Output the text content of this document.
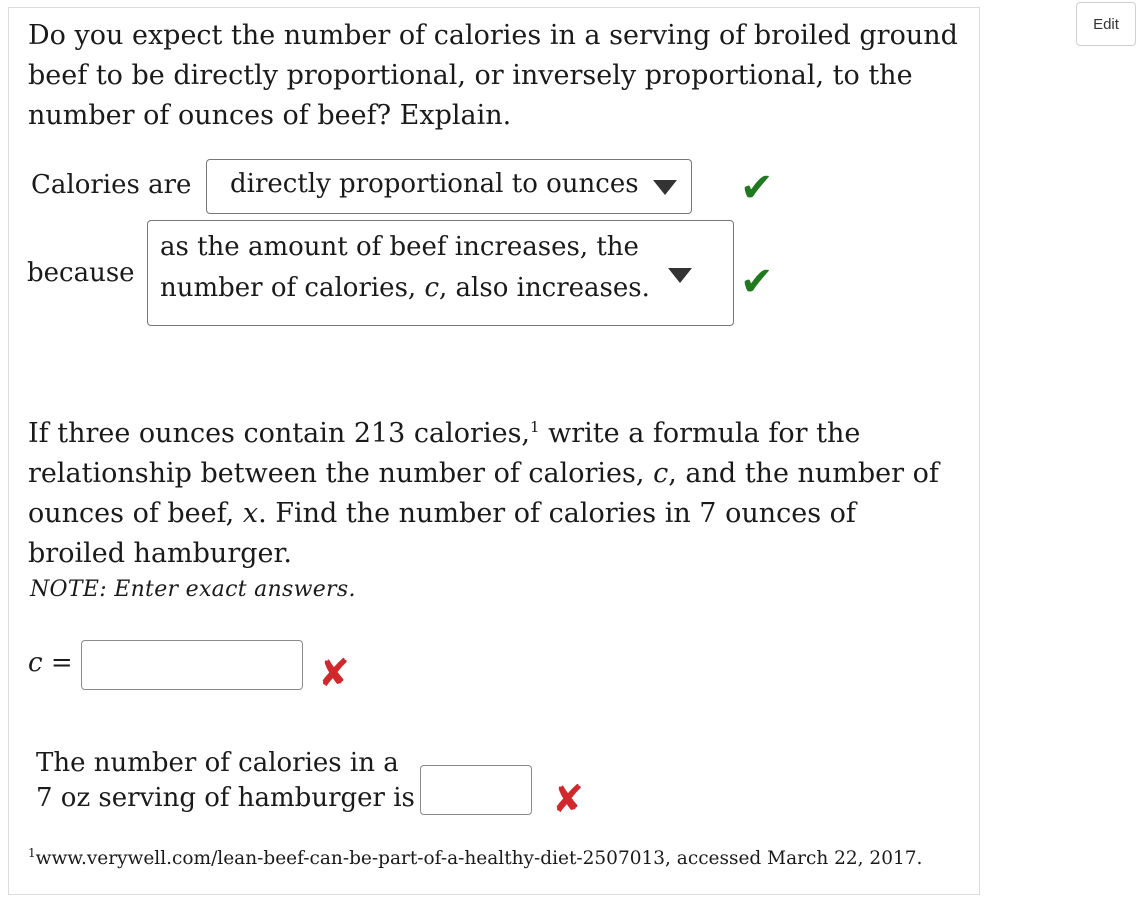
Edit

Do you expect the number of calories in a serving of broiled ground beef to be directly proportional, or inversely proportional, to the number of ounces of beef? Explain.

Calories are directly proportional to ounces	✔
because
as the amount of beef increases, the number of calories, c, also increases. ✔

If three ounces contain 213 calories,$^1$ write a formula for the relationship between the number of calories, c, and the number of ounces of beef, x. Find the number of calories in 7 ounces of broiled hamburger.

NOTE: Enter exact answers.
c =	✘
The number of calories in a
7 oz serving of hamburger is	✘
$^1$www.verywell.com/lean-beef-can-be-part-of-a-healthy-diet-2507013, accessed March 22, 2017.
